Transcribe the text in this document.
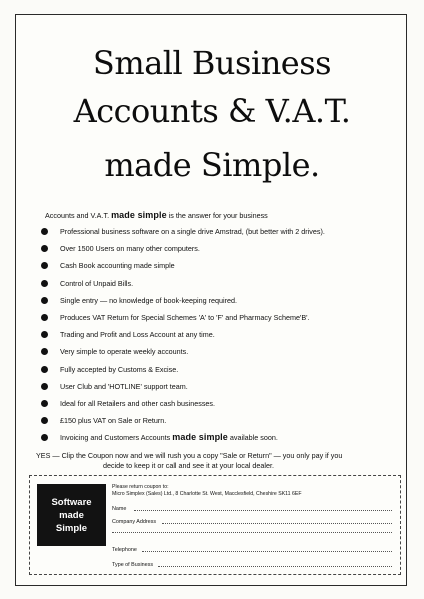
Small Business
Accounts & V.A.T.
made Simple.
Accounts and V.A.T. made simple is the answer for your business
Professional business software on a single drive Amstrad, (but better with 2 drives).
Over 1500 Users on many other computers.
Cash Book accounting made simple
Control of Unpaid Bills.
Single entry — no knowledge of book-keeping required.
Produces VAT Return for Special Schemes 'A' to 'F' and Pharmacy Scheme'B'.
Trading and Profit and Loss Account at any time.
Very simple to operate weekly accounts.
Fully accepted by Customs & Excise.
User Club and 'HOTLINE' support team.
Ideal for all Retailers and other cash businesses.
£150 plus VAT on Sale or Return.
Invoicing and Customers Accounts made simple available soon.
YES — Clip the Coupon now and we will rush you a copy "Sale or Return" — you only pay if you
decide to keep it or call and see it at your local dealer.
Software
made
Simple
Please return coupon to:
Micro Simplex (Sales) Ltd., 8 Charlotte St. West, Macclesfield, Cheshire SK11 6EF
Name
Company Address
Telephone
Type of Business
